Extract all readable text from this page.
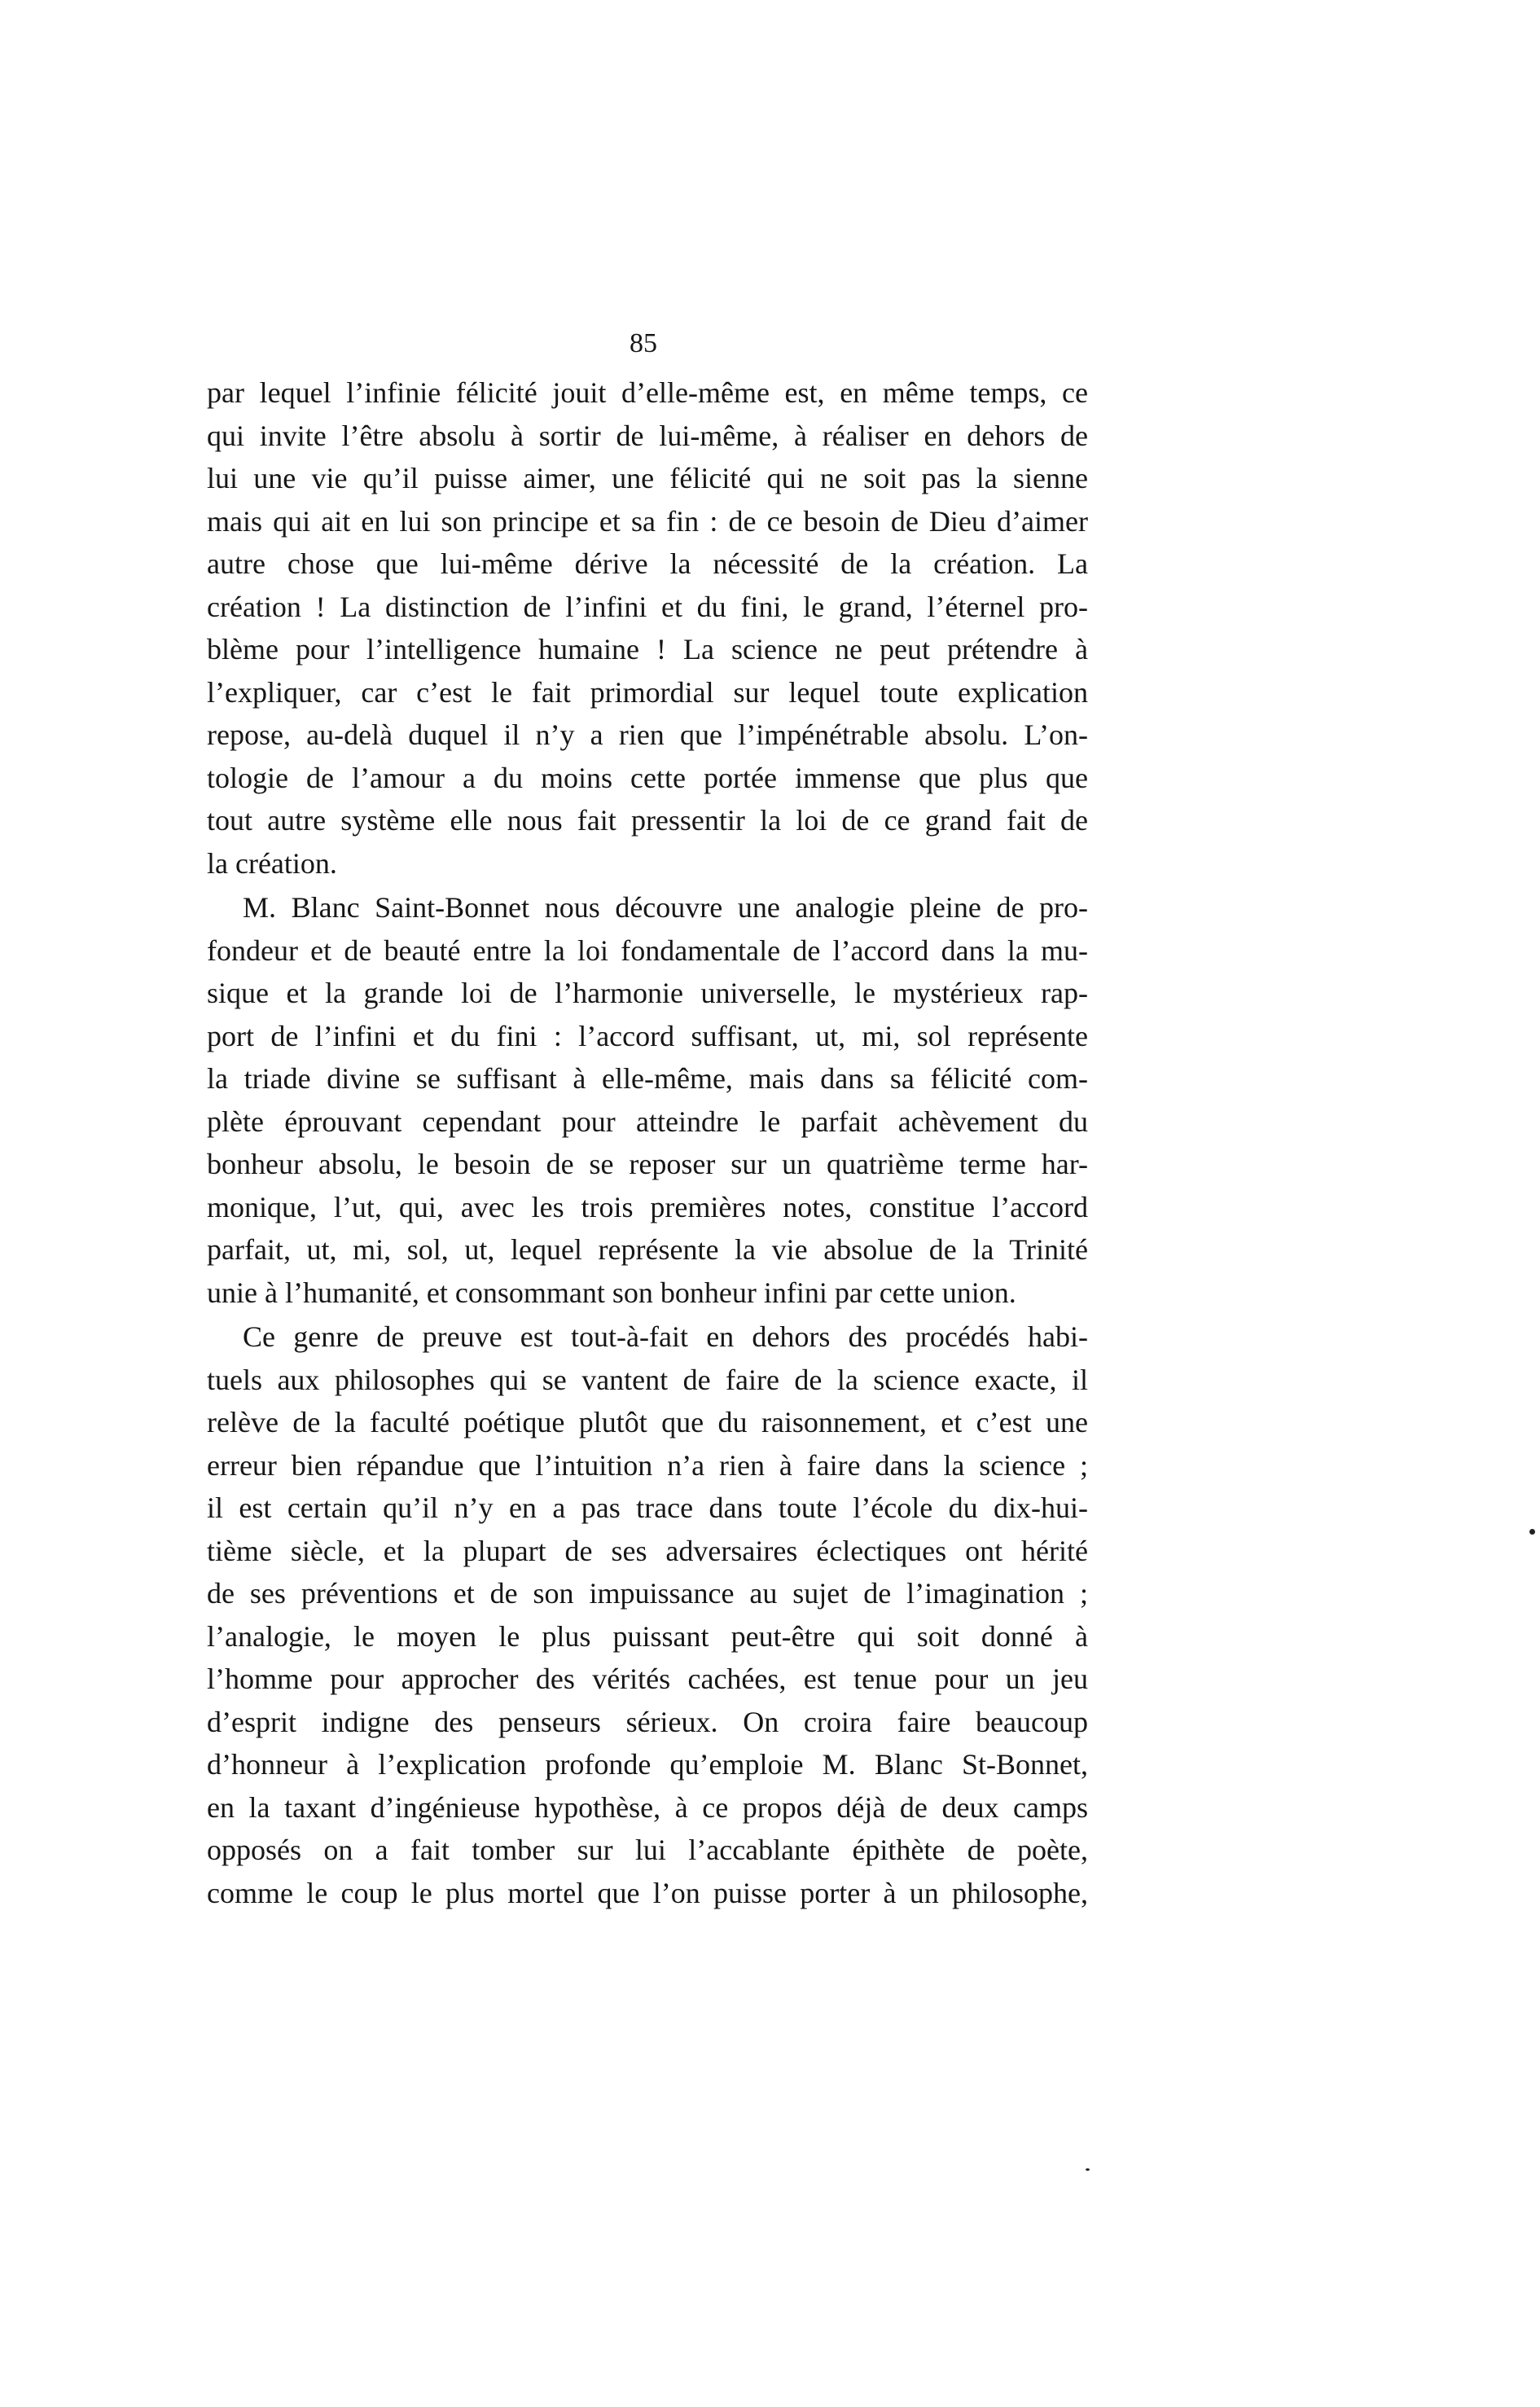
85
par lequel l’infinie félicité jouit d’elle-même est, en même temps, ce
qui invite l’être absolu à sortir de lui-même, à réaliser en dehors de
lui une vie qu’il puisse aimer, une félicité qui ne soit pas la sienne
mais qui ait en lui son principe et sa fin : de ce besoin de Dieu d’aimer
autre chose que lui-même dérive la nécessité de la création. La
création ! La distinction de l’infini et du fini, le grand, l’éternel pro-
blème pour l’intelligence humaine ! La science ne peut prétendre à
l’expliquer, car c’est le fait primordial sur lequel toute explication
repose, au-delà duquel il n’y a rien que l’impénétrable absolu. L’on-
tologie de l’amour a du moins cette portée immense que plus que
tout autre système elle nous fait pressentir la loi de ce grand fait de
la création.
M. Blanc Saint-Bonnet nous découvre une analogie pleine de pro-
fondeur et de beauté entre la loi fondamentale de l’accord dans la mu-
sique et la grande loi de l’harmonie universelle, le mystérieux rap-
port de l’infini et du fini : l’accord suffisant, ut, mi, sol représente
la triade divine se suffisant à elle-même, mais dans sa félicité com-
plète éprouvant cependant pour atteindre le parfait achèvement du
bonheur absolu, le besoin de se reposer sur un quatrième terme har-
monique, l’ut, qui, avec les trois premières notes, constitue l’accord
parfait, ut, mi, sol, ut, lequel représente la vie absolue de la Trinité
unie à l’humanité, et consommant son bonheur infini par cette union.
Ce genre de preuve est tout-à-fait en dehors des procédés habi-
tuels aux philosophes qui se vantent de faire de la science exacte, il
relève de la faculté poétique plutôt que du raisonnement, et c’est une
erreur bien répandue que l’intuition n’a rien à faire dans la science ;
il est certain qu’il n’y en a pas trace dans toute l’école du dix-hui-
tième siècle, et la plupart de ses adversaires éclectiques ont hérité
de ses préventions et de son impuissance au sujet de l’imagination ;
l’analogie, le moyen le plus puissant peut-être qui soit donné à
l’homme pour approcher des vérités cachées, est tenue pour un jeu
d’esprit indigne des penseurs sérieux. On croira faire beaucoup
d’honneur à l’explication profonde qu’emploie M. Blanc St-Bonnet,
en la taxant d’ingénieuse hypothèse, à ce propos déjà de deux camps
opposés on a fait tomber sur lui l’accablante épithète de poète,
comme le coup le plus mortel que l’on puisse porter à un philosophe,
